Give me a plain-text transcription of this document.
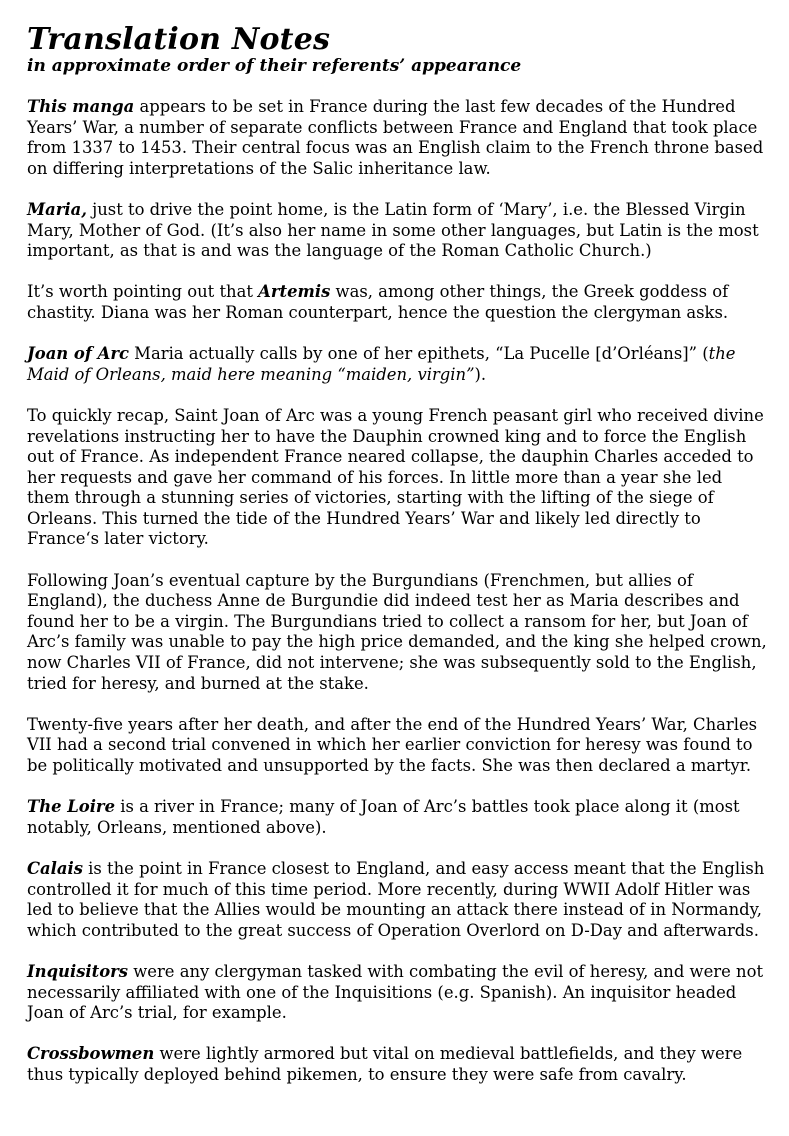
Translation Notes
in approximate order of their referents’ appearance

This manga appears to be set in France during the last few decades of the Hundred Years’ War, a number of separate conflicts between France and England that took place from 1337 to 1453. Their central focus was an English claim to the French throne based on differing interpretations of the Salic inheritance law.

Maria, just to drive the point home, is the Latin form of ‘Mary’, i.e. the Blessed Virgin Mary, Mother of God. (It’s also her name in some other languages, but Latin is the most important, as that is and was the language of the Roman Catholic Church.)

It’s worth pointing out that Artemis was, among other things, the Greek goddess of chastity. Diana was her Roman counterpart, hence the question the clergyman asks.

Joan of Arc Maria actually calls by one of her epithets, “La Pucelle [d’Orléans]” (the Maid of Orleans, maid here meaning “maiden, virgin”).

To quickly recap, Saint Joan of Arc was a young French peasant girl who received divine revelations instructing her to have the Dauphin crowned king and to force the English out of France. As independent France neared collapse, the dauphin Charles acceded to her requests and gave her command of his forces. In little more than a year she led them through a stunning series of victories, starting with the lifting of the siege of Orleans. This turned the tide of the Hundred Years’ War and likely led directly to France‘s later victory.

Following Joan’s eventual capture by the Burgundians (Frenchmen, but allies of England), the duchess Anne de Burgundie did indeed test her as Maria describes and found her to be a virgin. The Burgundians tried to collect a ransom for her, but Joan of Arc’s family was unable to pay the high price demanded, and the king she helped crown, now Charles VII of France, did not intervene; she was subsequently sold to the English, tried for heresy, and burned at the stake.

Twenty-five years after her death, and after the end of the Hundred Years’ War, Charles VII had a second trial convened in which her earlier conviction for heresy was found to be politically motivated and unsupported by the facts. She was then declared a martyr.

The Loire is a river in France; many of Joan of Arc’s battles took place along it (most notably, Orleans, mentioned above).

Calais is the point in France closest to England, and easy access meant that the English controlled it for much of this time period. More recently, during WWII Adolf Hitler was led to believe that the Allies would be mounting an attack there instead of in Normandy, which contributed to the great success of Operation Overlord on D-Day and afterwards.

Inquisitors were any clergyman tasked with combating the evil of heresy, and were not necessarily affiliated with one of the Inquisitions (e.g. Spanish). An inquisitor headed Joan of Arc’s trial, for example.

Crossbowmen were lightly armored but vital on medieval battlefields, and they were thus typically deployed behind pikemen, to ensure they were safe from cavalry.
